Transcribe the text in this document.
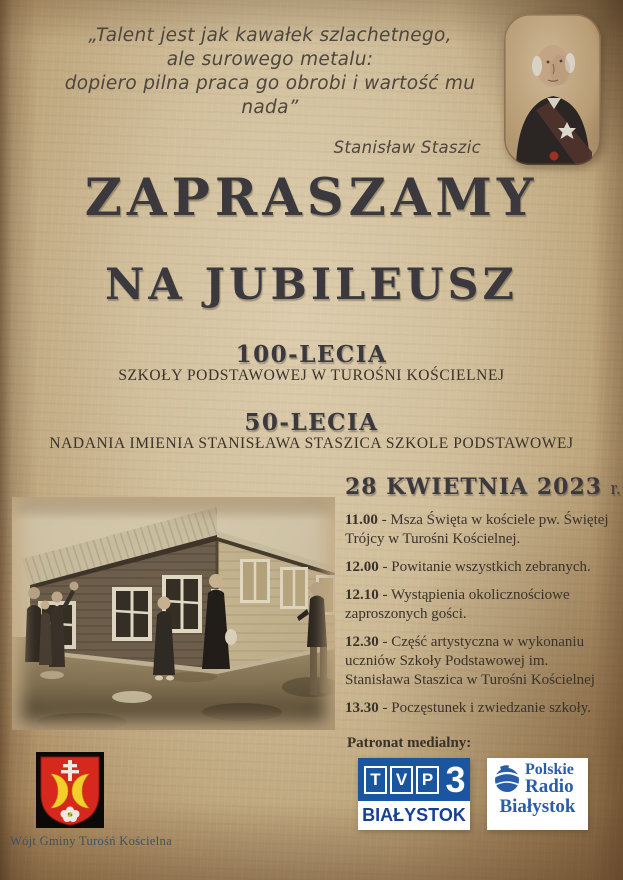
„Talent jest jak kawałek szlachetnego,
ale surowego metalu:
dopiero pilna praca go obrobi i wartość mu nada”
Stanisław Staszic
ZAPRASZAMY
NA JUBILEUSZ
100-LECIA
SZKOŁY PODSTAWOWEJ W TUROŚNI KOŚCIELNEJ
50-LECIA
NADANIA IMIENIA STANISŁAWA STASZICA SZKOLE PODSTAWOWEJ
28 KWIETNIA 2023 r.
11.00 - Msza Święta w kościele pw. Świętej Trójcy w Turośni Kościelnej.
12.00 - Powitanie wszystkich zebranych.
12.10 - Wystąpienia okolicznościowe zaproszonych gości.
12.30 - Część artystyczna w wykonaniu uczniów Szkoły Podstawowej im. Stanisława Staszica w Turośni Kościelnej
13.30 - Poczęstunek i zwiedzanie szkoły.
Wójt Gminy Turośń Kościelna
Patronat medialny:
T V P 3
BIAŁYSTOK
Polskie
Radio
Białystok
